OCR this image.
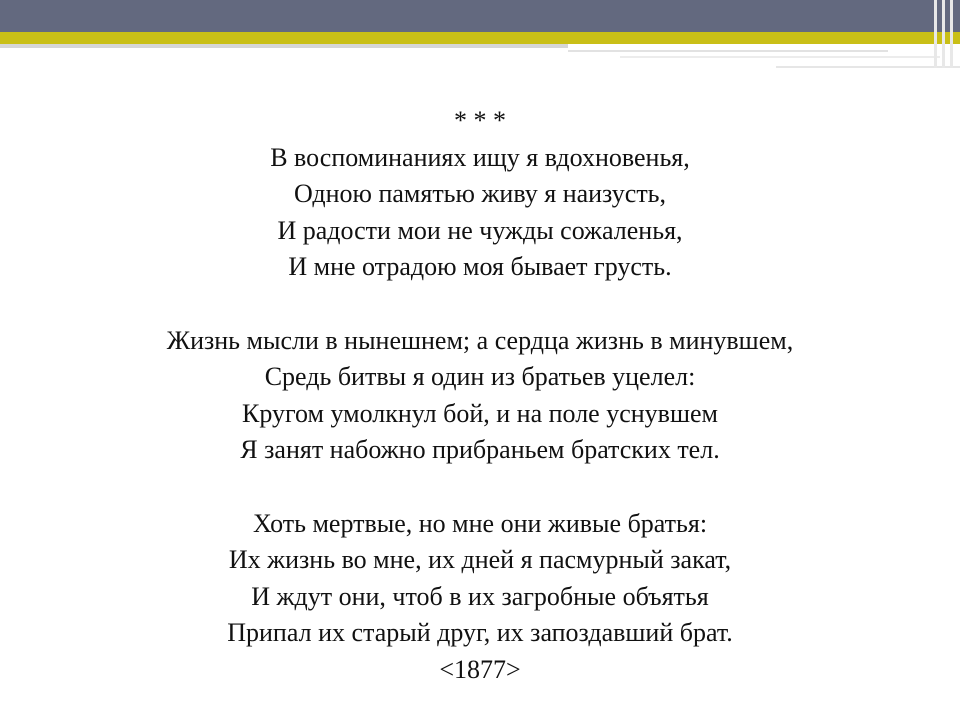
* * *
В воспоминаниях ищу я вдохновенья,
Одною памятью живу я наизусть,
И радости мои не чужды сожаленья,
И мне отрадою моя бывает грусть.
Жизнь мысли в нынешнем; а сердца жизнь в минувшем,
Средь битвы я один из братьев уцелел:
Кругом умолкнул бой, и на поле уснувшем
Я занят набожно прибраньем братских тел.
Хоть мертвые, но мне они живые братья:
Их жизнь во мне, их дней я пасмурный закат,
И ждут они, чтоб в их загробные объятья
Припал их старый друг, их запоздавший брат.
<1877>
